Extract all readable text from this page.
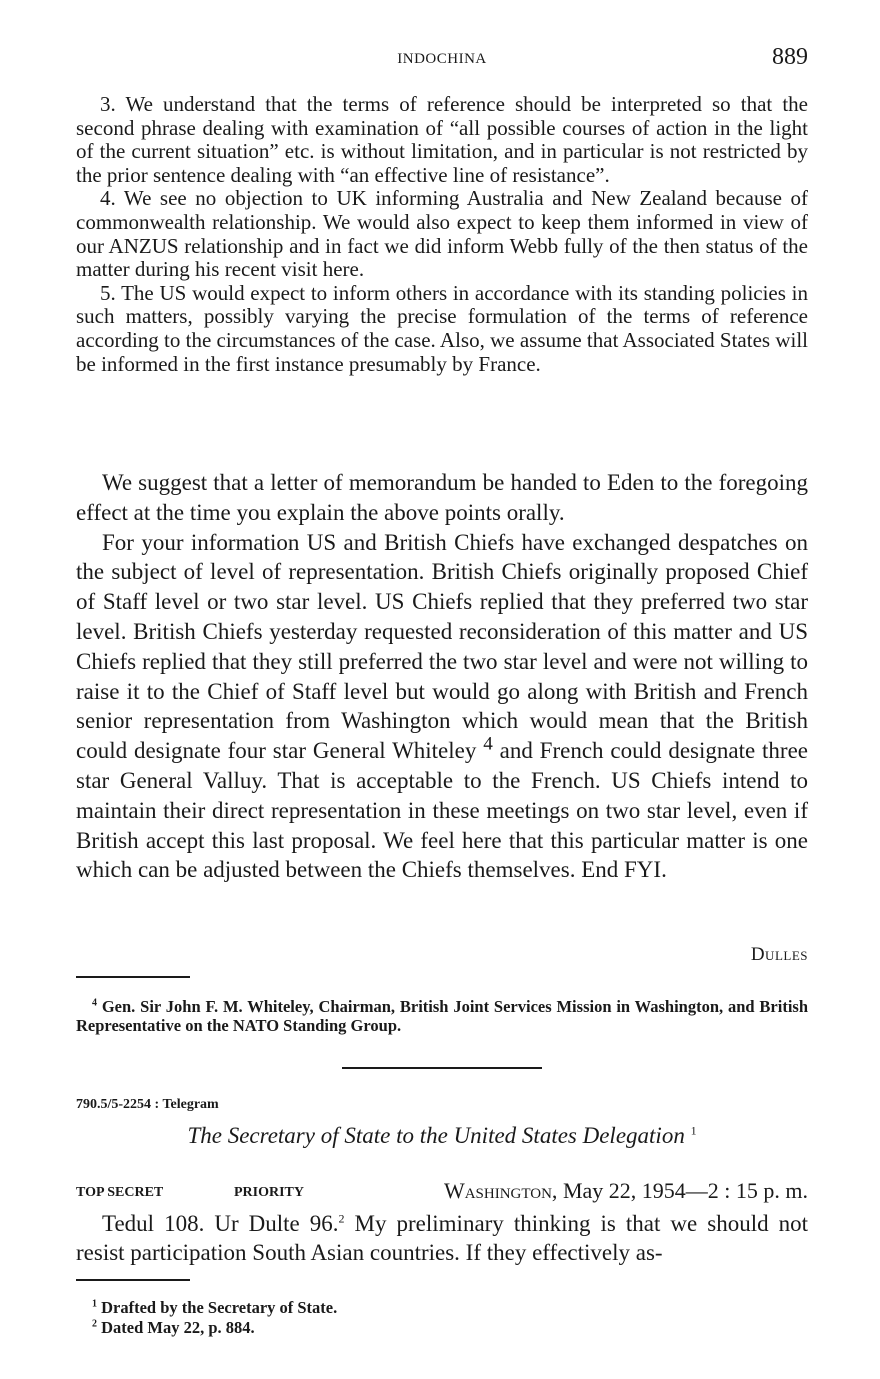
INDOCHINA	889

3. We understand that the terms of reference should be interpreted so that the second phrase dealing with examination of “all possible courses of action in the light of the current situation” etc. is without limitation, and in particular is not restricted by the prior sentence dealing with “an effective line of resistance”.

4. We see no objection to UK informing Australia and New Zealand because of commonwealth relationship. We would also expect to keep them informed in view of our ANZUS relationship and in fact we did inform Webb fully of the then status of the matter during his recent visit here.

5. The US would expect to inform others in accordance with its standing policies in such matters, possibly varying the precise formulation of the terms of reference according to the circumstances of the case. Also, we assume that Associated States will be informed in the first instance presumably by France.

We suggest that a letter of memorandum be handed to Eden to the foregoing effect at the time you explain the above points orally.

For your information US and British Chiefs have exchanged despatches on the subject of level of representation. British Chiefs originally proposed Chief of Staff level or two star level. US Chiefs replied that they preferred two star level. British Chiefs yesterday requested reconsideration of this matter and US Chiefs replied that they still preferred the two star level and were not willing to raise it to the Chief of Staff level but would go along with British and French senior representation from Washington which would mean that the British could designate four star General Whiteley $^4$ and French could designate three star General Valluy. That is acceptable to the French. US Chiefs intend to maintain their direct representation in these meetings on two star level, even if British accept this last proposal. We feel here that this particular matter is one which can be adjusted between the Chiefs themselves. End FYI.

Dulles
$^4$ Gen. Sir John F. M. Whiteley, Chairman, British Joint Services Mission in Washington, and British Representative on the NATO Standing Group.
790.5/5-2254 : Telegram
The Secretary of State to the United States Delegation $^1$
TOP SECRET	PRIORITY	Washington, May 22, 1954—2 : 15 p. m.

Tedul 108. Ur Dulte 96.$^2$ My preliminary thinking is that we should not resist participation South Asian countries. If they effectively as-

$^1$ Drafted by the Secretary of State.
$^2$ Dated May 22, p. 884.
